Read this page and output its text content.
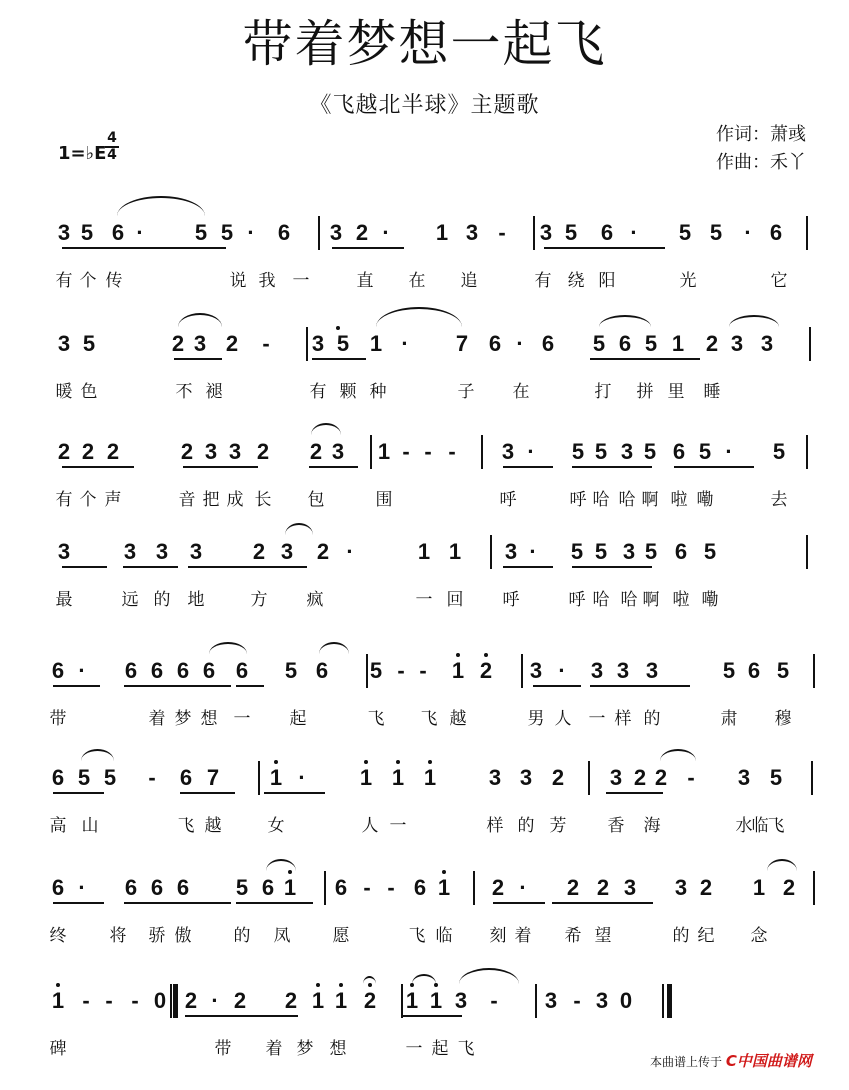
带着梦想一起飞
《飞越北半球》主题歌
1=♭E
4
4
作词：萧彧
作曲：禾丫
3 5 6 · 5 5 · 6 3 2 · 1 3 - 3 5 6 · 5 5 · 6
有 个 传	说 我 一	直 在 追	有 绕 阳	光	它
3 5	2 3 2 - 3 5 1 · 7 6 · 6 5 6 5 1 2 3 3
暖 色	不 褪	有 颗 种	子 在	打 拼 里 睡
2 2 2	2 3 3 2 2 3 1 - - - 3 · 5 5 3 5 6 5 · 5
有 个 声	音 把 成 长 包	围	呼	呼 哈 哈 啊 啦 嘞	去
3 3 3 3 2 3 2 ·	1 1 3 · 5 5 3 5 6 5
最	远 的 地	方 疯	一 回 呼	呼 哈 哈 啊 啦 嘞
6 · 6 6 6 6 6 5 6 5 - - 1 2 3 · 3 3 3	5 6 5
带	着 梦 想 一 起	飞 飞 越	男 人 一 样 的	肃 穆
6 5 5 - 6 7 1 · 1 1 1 3 3 2 3 2 2 - 3 5
高 山	飞 越	女	人 一	样 的 芳 香 海	水 飞
临
6 · 6 6 6 5 6 1 6 - - 6 1 2 · 2 2 3 3 2 1 2
终	将 骄 傲 的 凤 愿	飞 临 刻 着 希 望	的 纪 念
1 - - - 0 2 · 2 2 1 1 2 1 1 3 - 3 - 3 0
碑	带 着 梦 想	一 起 飞
本曲谱上传于 C中国曲谱网
